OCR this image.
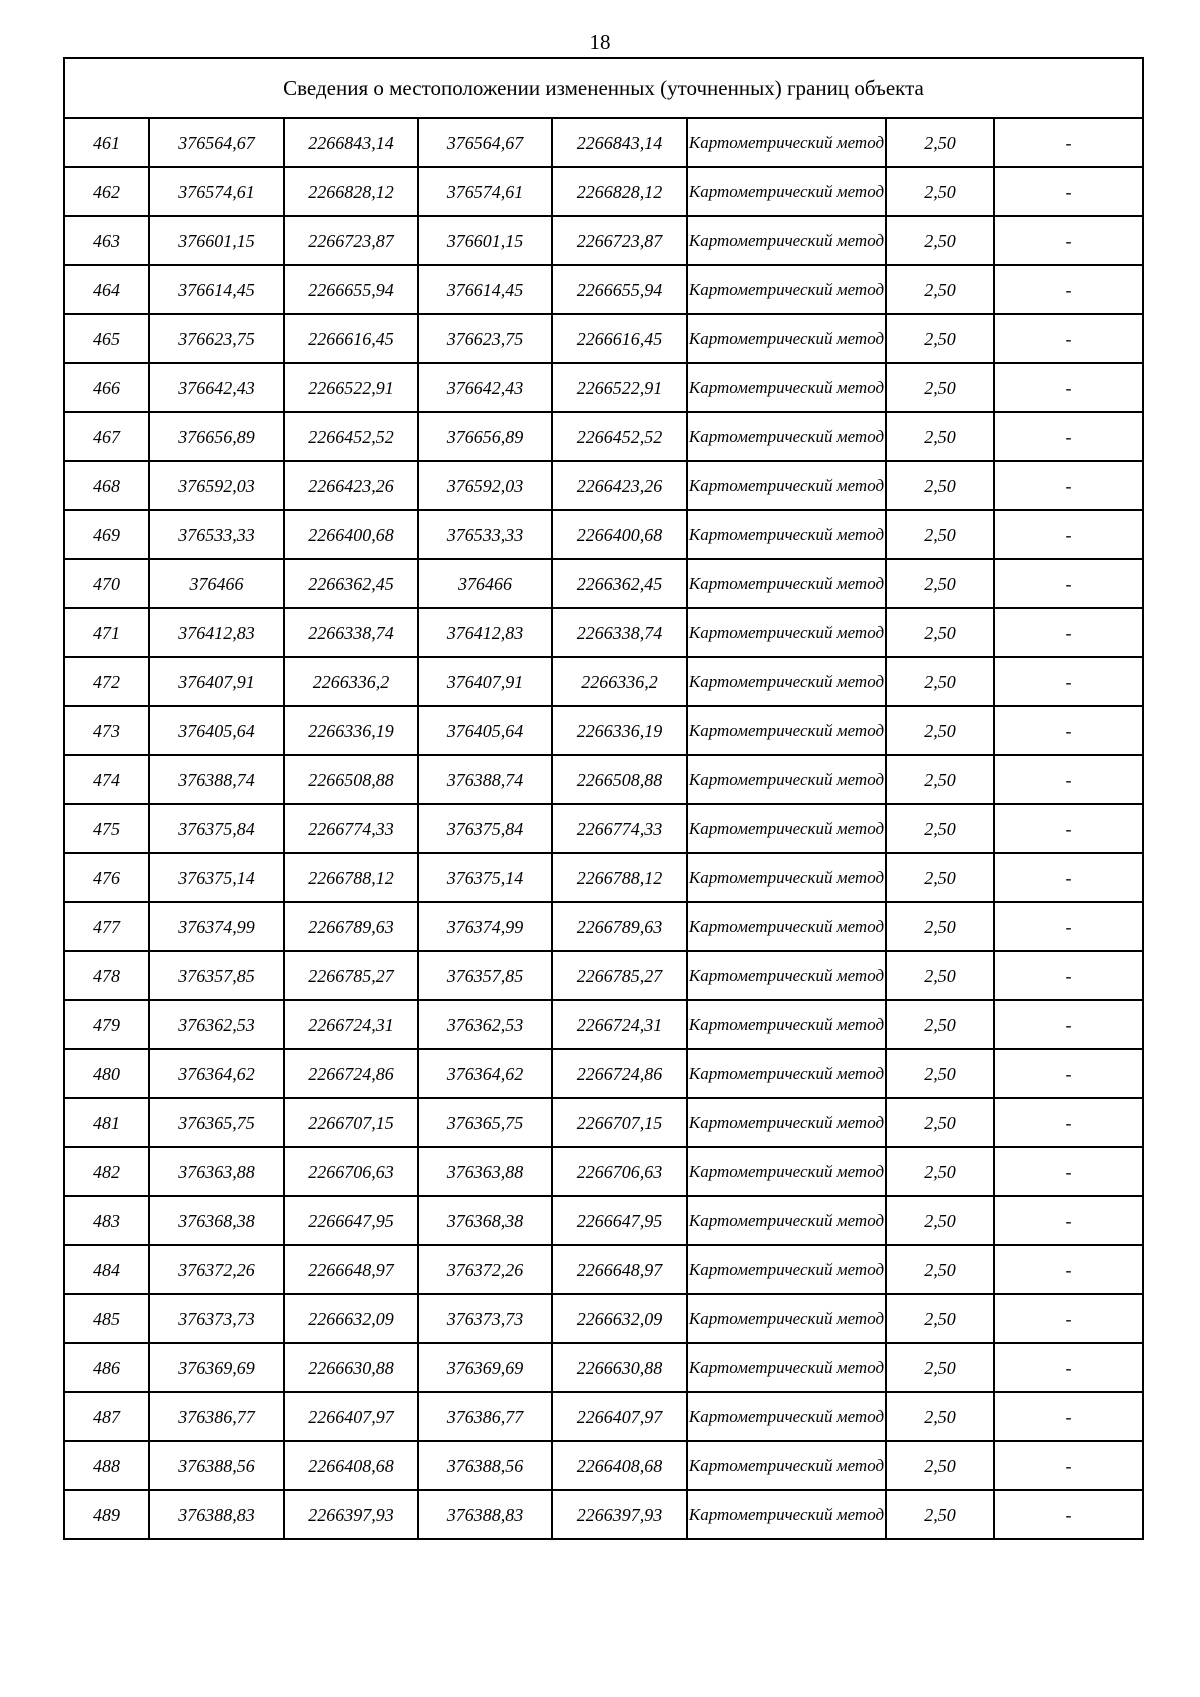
18
Сведения о местоположении измененных (уточненных) границ объекта							
461	376564,67	2266843,14	376564,67	2266843,14	Картометрический метод	2,50	-
462	376574,61	2266828,12	376574,61	2266828,12	Картометрический метод	2,50	-
463	376601,15	2266723,87	376601,15	2266723,87	Картометрический метод	2,50	-
464	376614,45	2266655,94	376614,45	2266655,94	Картометрический метод	2,50	-
465	376623,75	2266616,45	376623,75	2266616,45	Картометрический метод	2,50	-
466	376642,43	2266522,91	376642,43	2266522,91	Картометрический метод	2,50	-
467	376656,89	2266452,52	376656,89	2266452,52	Картометрический метод	2,50	-
468	376592,03	2266423,26	376592,03	2266423,26	Картометрический метод	2,50	-
469	376533,33	2266400,68	376533,33	2266400,68	Картометрический метод	2,50	-
470	376466	2266362,45	376466	2266362,45	Картометрический метод	2,50	-
471	376412,83	2266338,74	376412,83	2266338,74	Картометрический метод	2,50	-
472	376407,91	2266336,2	376407,91	2266336,2	Картометрический метод	2,50	-
473	376405,64	2266336,19	376405,64	2266336,19	Картометрический метод	2,50	-
474	376388,74	2266508,88	376388,74	2266508,88	Картометрический метод	2,50	-
475	376375,84	2266774,33	376375,84	2266774,33	Картометрический метод	2,50	-
476	376375,14	2266788,12	376375,14	2266788,12	Картометрический метод	2,50	-
477	376374,99	2266789,63	376374,99	2266789,63	Картометрический метод	2,50	-
478	376357,85	2266785,27	376357,85	2266785,27	Картометрический метод	2,50	-
479	376362,53	2266724,31	376362,53	2266724,31	Картометрический метод	2,50	-
480	376364,62	2266724,86	376364,62	2266724,86	Картометрический метод	2,50	-
481	376365,75	2266707,15	376365,75	2266707,15	Картометрический метод	2,50	-
482	376363,88	2266706,63	376363,88	2266706,63	Картометрический метод	2,50	-
483	376368,38	2266647,95	376368,38	2266647,95	Картометрический метод	2,50	-
484	376372,26	2266648,97	376372,26	2266648,97	Картометрический метод	2,50	-
485	376373,73	2266632,09	376373,73	2266632,09	Картометрический метод	2,50	-
486	376369,69	2266630,88	376369,69	2266630,88	Картометрический метод	2,50	-
487	376386,77	2266407,97	376386,77	2266407,97	Картометрический метод	2,50	-
488	376388,56	2266408,68	376388,56	2266408,68	Картометрический метод	2,50	-
489	376388,83	2266397,93	376388,83	2266397,93	Картометрический метод	2,50	-
